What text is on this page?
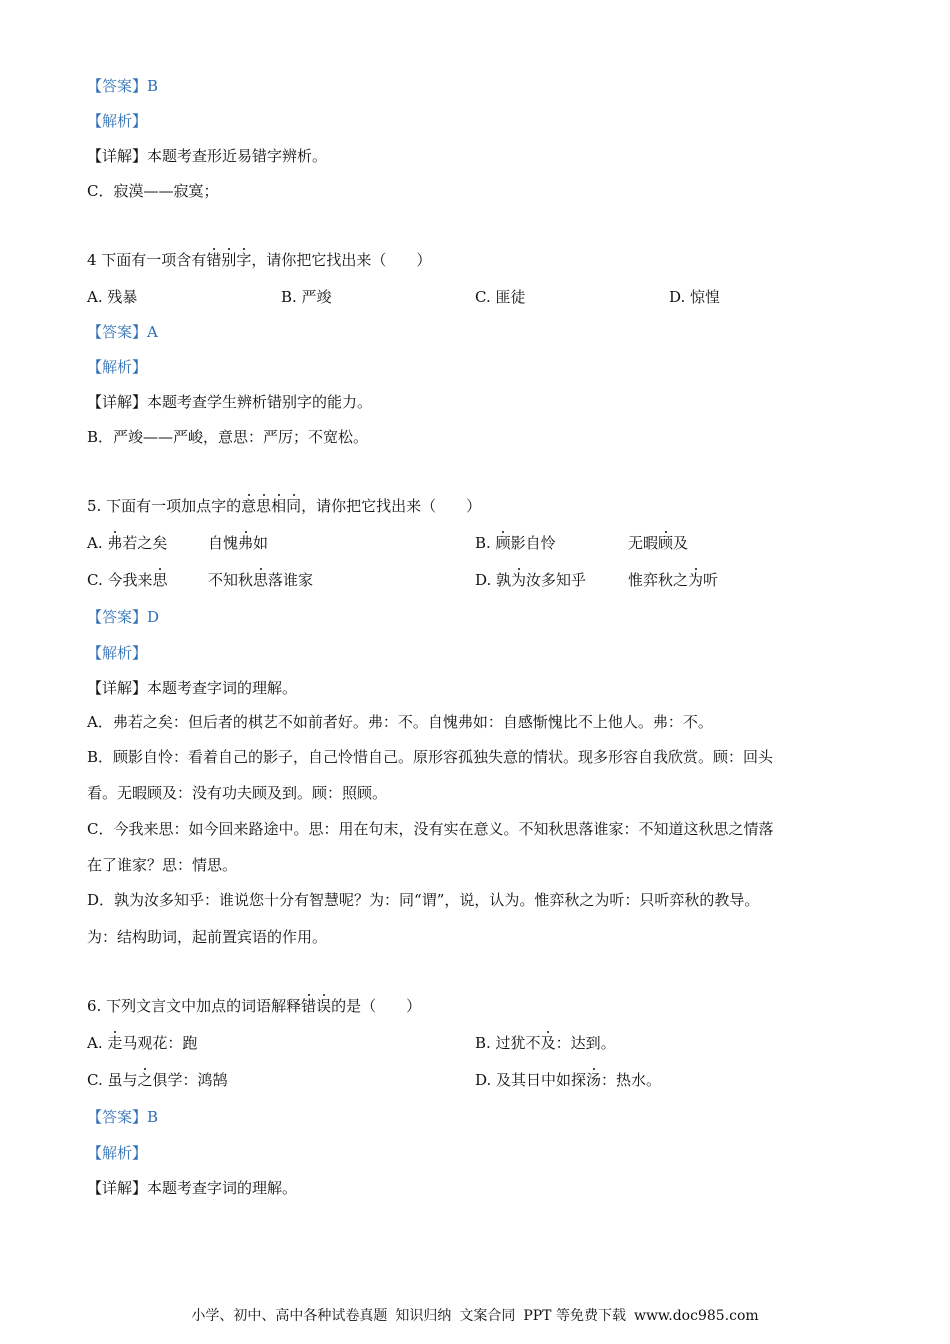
【答案】B
【解析】
【详解】本题考查形近易错字辨析。
C．寂漠——寂寞；
4 下面有一项含有错别字，请你把它找出来（　　）
A. 残暴	B. 严竣	C. 匪徒	D. 惊惶
【答案】A
【解析】
【详解】本题考查学生辨析错别字的能力。
B．严竣——严峻，意思：严厉；不宽松。
5. 下面有一项加点字的意思相同，请你把它找出来（　　）
A. 弗若之矣	自愧弗如	B. 顾影自怜	无暇顾及
C. 今我来思	不知秋思落谁家	D. 孰为汝多知乎	惟弈秋之为听
【答案】D
【解析】
【详解】本题考查字词的理解。
A．弗若之矣：但后者的棋艺不如前者好。弗：不。自愧弗如：自感惭愧比不上他人。弗：不。
B．顾影自怜：看着自己的影子，自己怜惜自己。原形容孤独失意的情状。现多形容自我欣赏。顾：回头
看。无暇顾及：没有功夫顾及到。顾：照顾。
C．今我来思：如今回来路途中。思：用在句末，没有实在意义。不知秋思落谁家：不知道这秋思之情落
在了谁家？思：情思。
D．孰为汝多知乎：谁说您十分有智慧呢？为：同“谓”，说，认为。惟弈秋之为听：只听弈秋的教导。
为：结构助词，起前置宾语的作用。
6. 下列文言文中加点的词语解释错误的是（　　）
A. 走马观花：跑	B. 过犹不及：达到。
C. 虽与之俱学：鸿鹄	D. 及其日中如探汤：热水。
【答案】B
【解析】
【详解】本题考查字词的理解。
小学、初中、高中各种试卷真题 知识归纳 文案合同 PPT 等免费下载 www.doc985.com
